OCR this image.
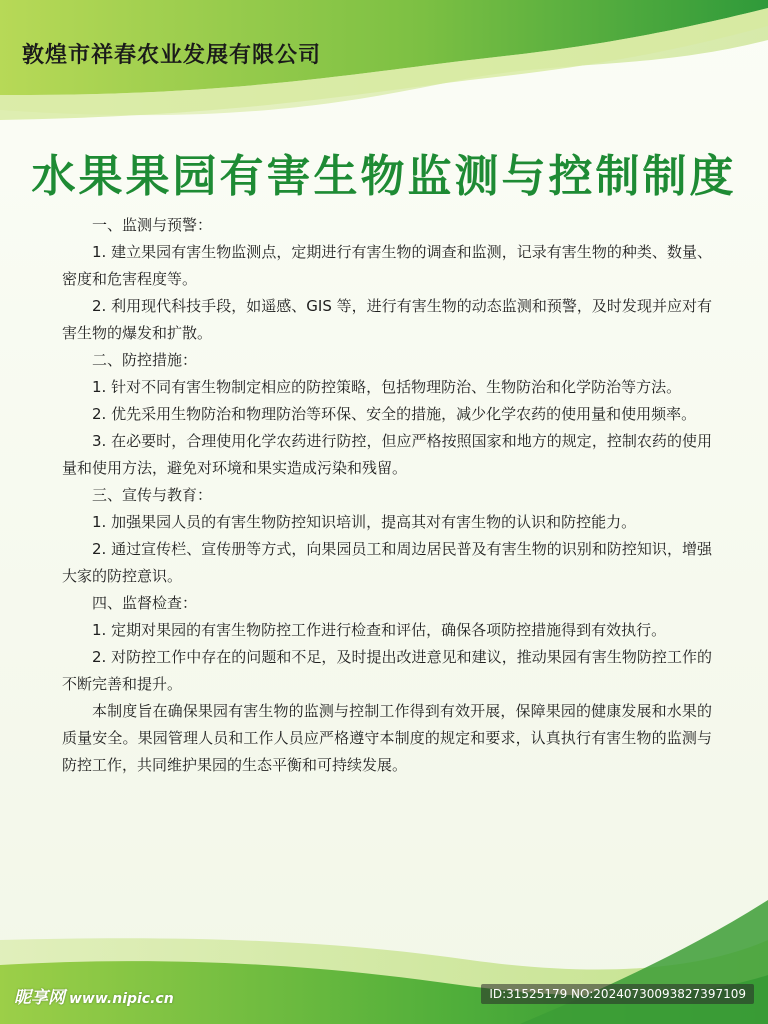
敦煌市祥春农业发展有限公司
水果果园有害生物监测与控制制度

一、监测与预警：

1. 建立果园有害生物监测点，定期进行有害生物的调查和监测，记录有害生物的种类、数量、密度和危害程度等。

2. 利用现代科技手段，如遥感、GIS 等，进行有害生物的动态监测和预警，及时发现并应对有害生物的爆发和扩散。

二、防控措施：

1. 针对不同有害生物制定相应的防控策略，包括物理防治、生物防治和化学防治等方法。

2. 优先采用生物防治和物理防治等环保、安全的措施，减少化学农药的使用量和使用频率。

3. 在必要时，合理使用化学农药进行防控，但应严格按照国家和地方的规定，控制农药的使用量和使用方法，避免对环境和果实造成污染和残留。

三、宣传与教育：

1. 加强果园人员的有害生物防控知识培训，提高其对有害生物的认识和防控能力。

2. 通过宣传栏、宣传册等方式，向果园员工和周边居民普及有害生物的识别和防控知识，增强大家的防控意识。

四、监督检查：

1. 定期对果园的有害生物防控工作进行检查和评估，确保各项防控措施得到有效执行。

2. 对防控工作中存在的问题和不足，及时提出改进意见和建议，推动果园有害生物防控工作的不断完善和提升。

本制度旨在确保果园有害生物的监测与控制工作得到有效开展，保障果园的健康发展和水果的质量安全。果园管理人员和工作人员应严格遵守本制度的规定和要求，认真执行有害生物的监测与防控工作，共同维护果园的生态平衡和可持续发展。

昵享网 www.nipic.cn	ID:31525179 NO:20240730093827397109
